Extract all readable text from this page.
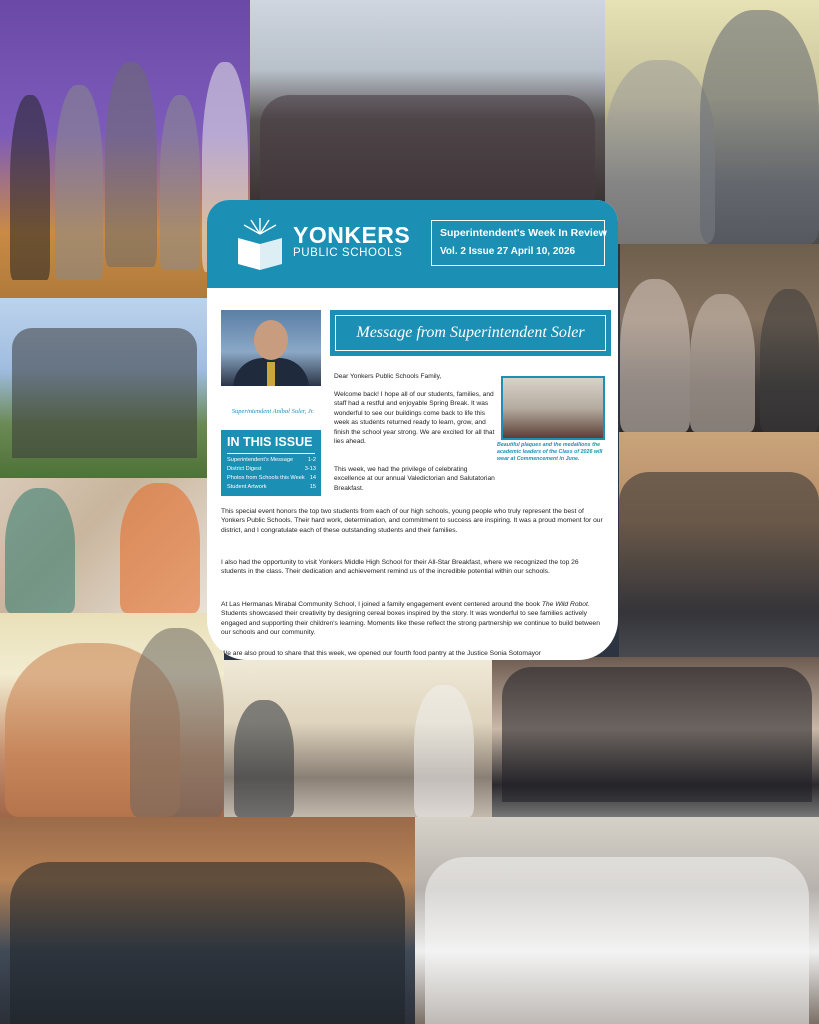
YONKERS
PUBLIC SCHOOLS
Superintendent's Week In Review
Vol. 2 Issue 27 April 10, 2026
Superintendent Aníbal Soler, Jr.
Message from Superintendent Soler
IN THIS ISSUE
Superintendent's Message	1-2
District Digest	3-13
Photos from Schools this Week 14
Student Artwork	15
Dear Yonkers Public Schools Family,
Welcome back! I hope all of our students, families, and staff had a restful and enjoyable Spring Break. It was wonderful to see our buildings come back to life this week as students returned ready to learn, grow, and finish the school year strong. We are excited for all that lies ahead.
This week, we had the privilege of celebrating excellence at our annual Valedictorian and Salutatorian Breakfast.
Beautiful plaques and the medallions the academic leaders of the Class of 2026 will wear at Commencement in June.
This special event honors the top two students from each of our high schools, young people who truly represent the best of Yonkers Public Schools. Their hard work, determination, and commitment to success are inspiring. It was a proud moment for our district, and I congratulate each of these outstanding students and their families.
I also had the opportunity to visit Yonkers Middle High School for their All-Star Breakfast, where we recognized the top 26 students in the class. Their dedication and achievement remind us of the incredible potential within our schools.
At Las Hermanas Mirabal Community School, I joined a family engagement event centered around the book The Wild Robot. Students showcased their creativity by designing cereal boxes inspired by the story. It was wonderful to see families actively engaged and supporting their children's learning. Moments like these reflect the strong partnership we continue to build between our schools and our community.
We are also proud to share that this week, we opened our fourth food pantry at the Justice Sonia Sotomayor
